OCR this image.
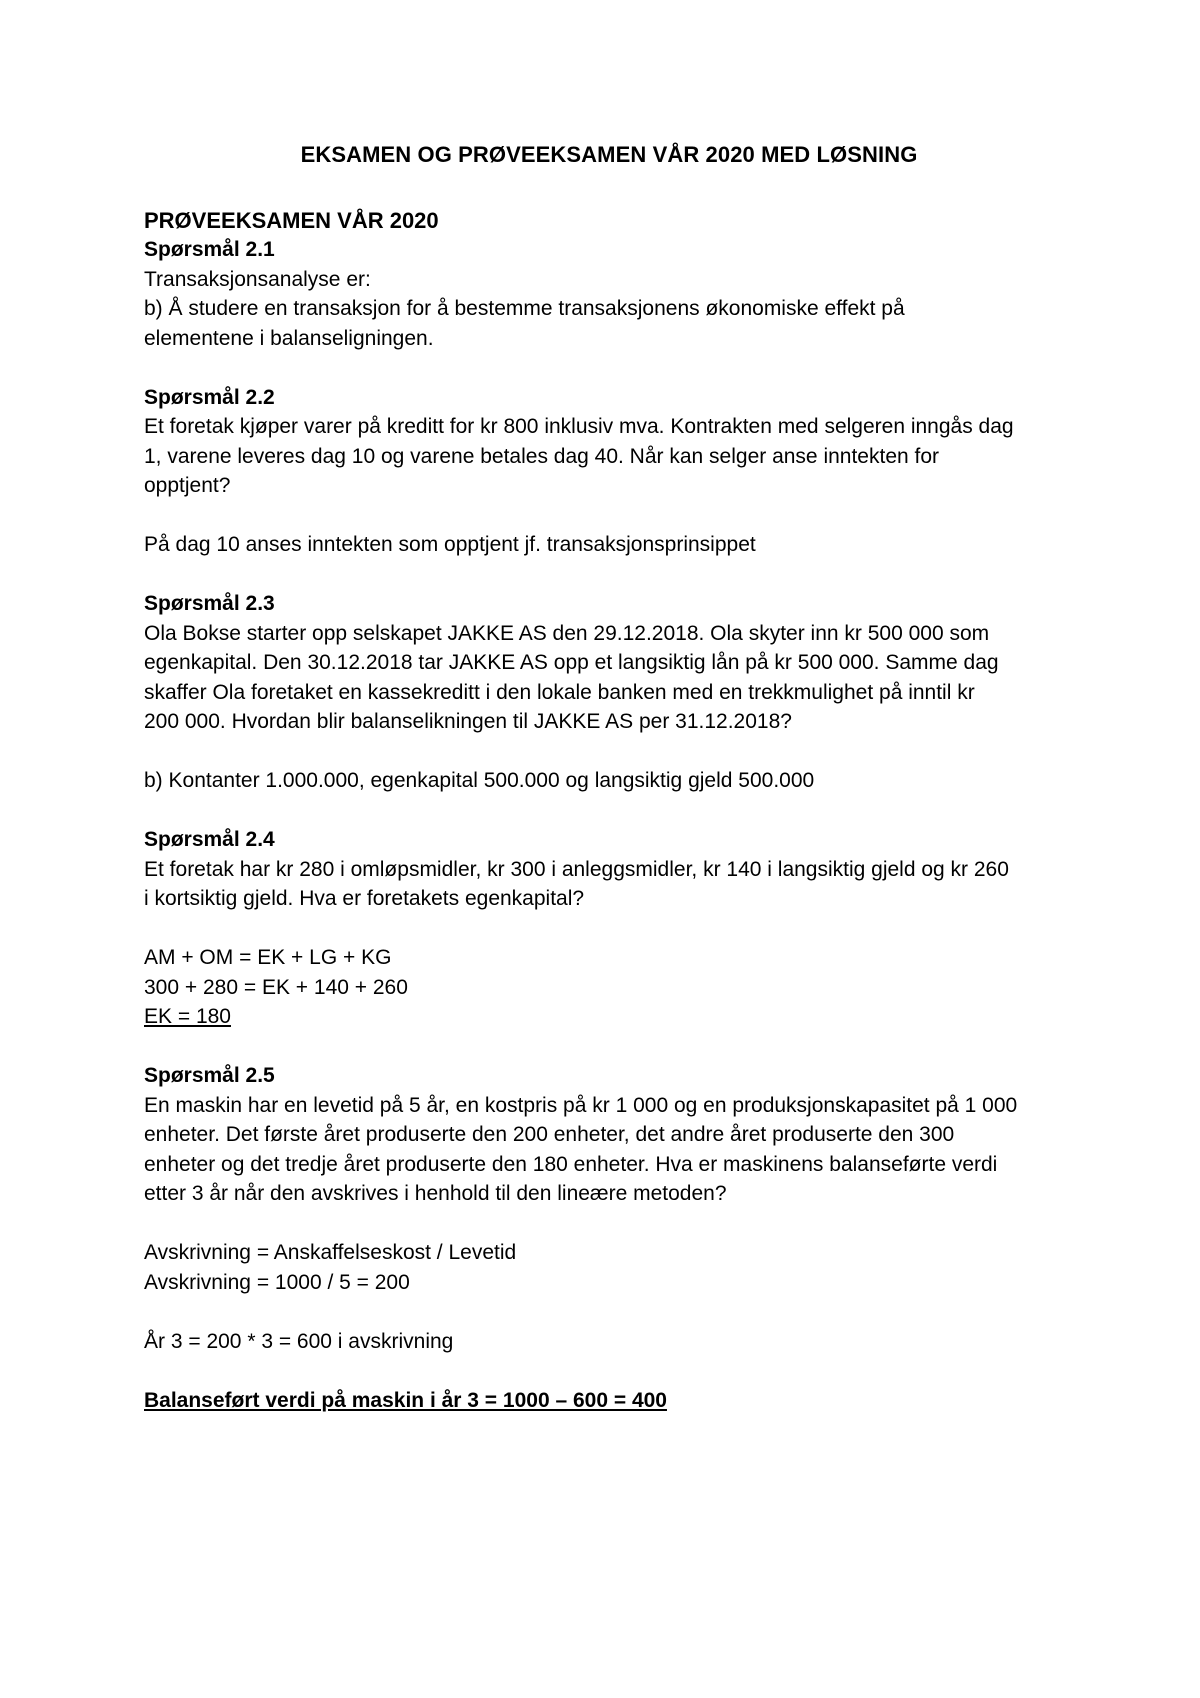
EKSAMEN OG PRØVEEKSAMEN VÅR 2020 MED LØSNING

PRØVEEKSAMEN VÅR 2020

Spørsmål 2.1

Transaksjonsanalyse er:

b) Å studere en transaksjon for å bestemme transaksjonens økonomiske effekt på

elementene i balanseligningen.

Spørsmål 2.2

Et foretak kjøper varer på kreditt for kr 800 inklusiv mva. Kontrakten med selgeren inngås dag

1, varene leveres dag 10 og varene betales dag 40. Når kan selger anse inntekten for

opptjent?

På dag 10 anses inntekten som opptjent jf. transaksjonsprinsippet

Spørsmål 2.3

Ola Bokse starter opp selskapet JAKKE AS den 29.12.2018. Ola skyter inn kr 500 000 som

egenkapital. Den 30.12.2018 tar JAKKE AS opp et langsiktig lån på kr 500 000. Samme dag

skaffer Ola foretaket en kassekreditt i den lokale banken med en trekkmulighet på inntil kr

200 000. Hvordan blir balanselikningen til JAKKE AS per 31.12.2018?

b) Kontanter 1.000.000, egenkapital 500.000 og langsiktig gjeld 500.000

Spørsmål 2.4

Et foretak har kr 280 i omløpsmidler, kr 300 i anleggsmidler, kr 140 i langsiktig gjeld og kr 260

i kortsiktig gjeld. Hva er foretakets egenkapital?

AM + OM = EK + LG + KG

300 + 280 = EK + 140 + 260

EK = 180

Spørsmål 2.5

En maskin har en levetid på 5 år, en kostpris på kr 1 000 og en produksjonskapasitet på 1 000

enheter. Det første året produserte den 200 enheter, det andre året produserte den 300

enheter og det tredje året produserte den 180 enheter. Hva er maskinens balanseførte verdi

etter 3 år når den avskrives i henhold til den lineære metoden?

Avskrivning = Anskaffelseskost / Levetid

Avskrivning = 1000 / 5 = 200

År 3 = 200 * 3 = 600 i avskrivning

Balanseført verdi på maskin i år 3 = 1000 – 600 = 400
